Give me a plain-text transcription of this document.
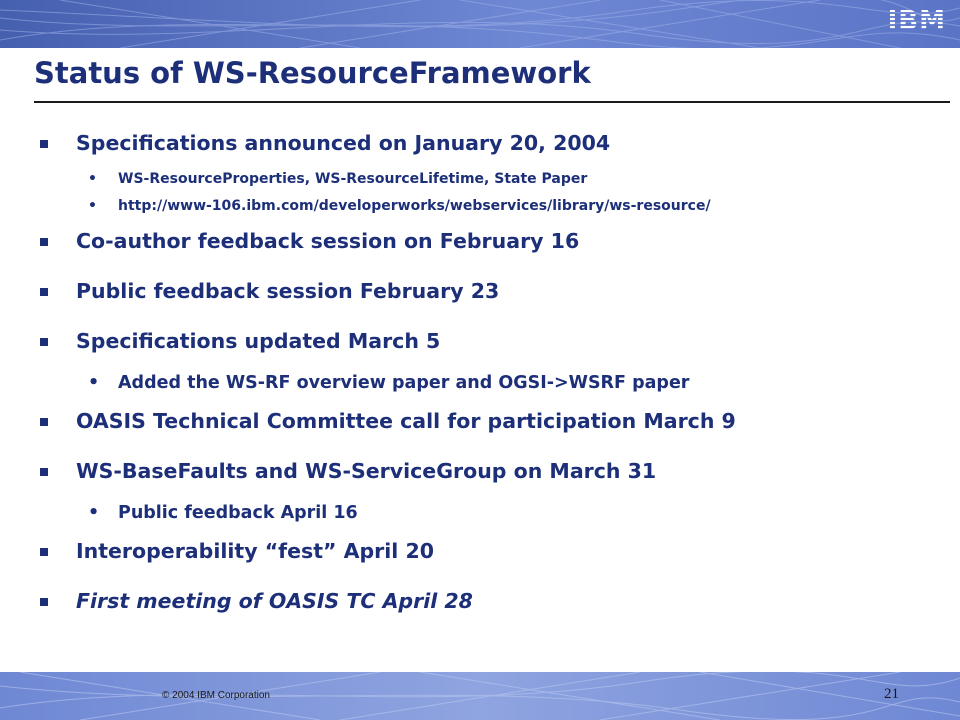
IBM
Status of WS-ResourceFramework
Specifications announced on January 20, 2004
• WS-ResourceProperties, WS-ResourceLifetime, State Paper
• http://www-106.ibm.com/developerworks/webservices/library/ws-resource/
Co-author feedback session on February 16
Public feedback session February 23
Specifications updated March 5
• Added the WS-RF overview paper and OGSI->WSRF paper
OASIS Technical Committee call for participation March 9
WS-BaseFaults and WS-ServiceGroup on March 31
• Public feedback April 16
Interoperability “fest” April 20
First meeting of OASIS TC April 28
© 2004 IBM Corporation	21
